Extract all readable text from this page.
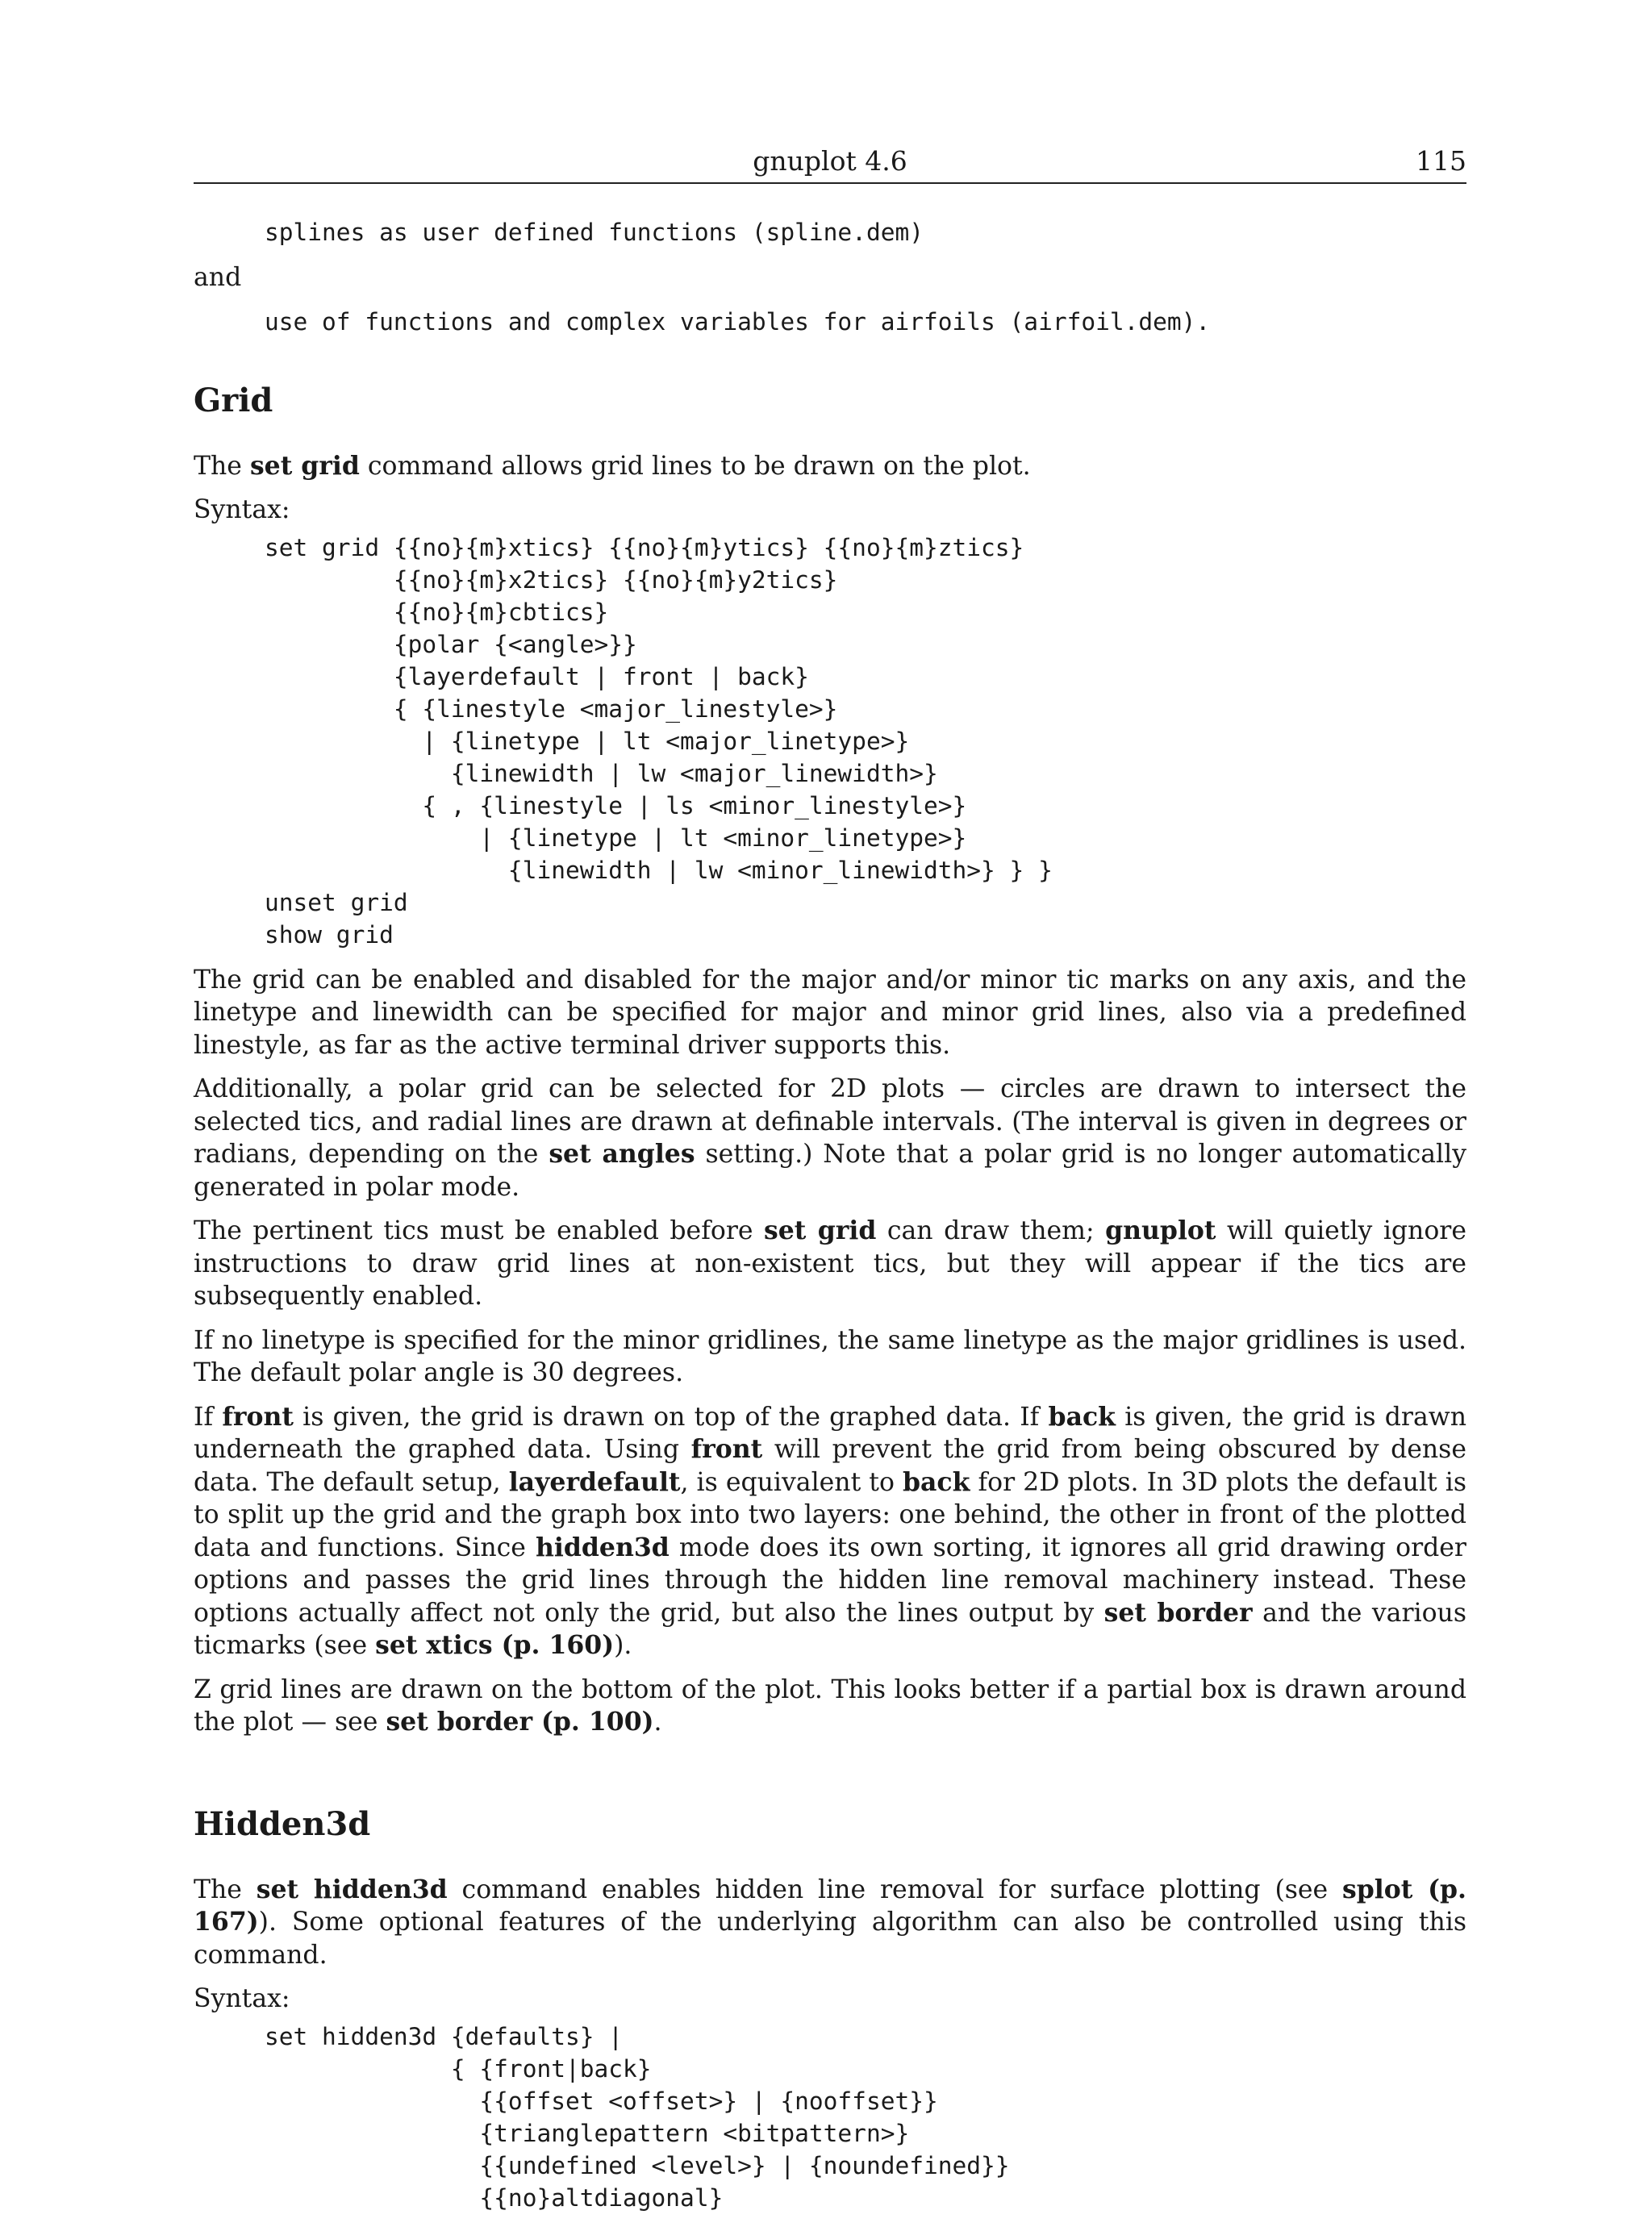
gnuplot 4.6	115
splines as user defined functions (spline.dem)

and

use of functions and complex variables for airfoils (airfoil.dem).
Grid

The set grid command allows grid lines to be drawn on the plot.

Syntax:

set grid {{no}{m}xtics} {{no}{m}ytics} {{no}{m}ztics}
{{no}{m}x2tics} {{no}{m}y2tics}
{{no}{m}cbtics}
{polar {<angle>}}
{layerdefault | front | back}
{ {linestyle <major_linestyle>}
| {linetype | lt <major_linetype>}
{linewidth | lw <major_linewidth>}
{ , {linestyle | ls <minor_linestyle>}
| {linetype | lt <minor_linetype>}
{linewidth | lw <minor_linewidth>} } }
unset grid
show grid

The grid can be enabled and disabled for the major and/or minor tic marks on any axis, and the linetype and linewidth can be specified for major and minor grid lines, also via a predefined linestyle, as far as the active terminal driver supports this.

Additionally, a polar grid can be selected for 2D plots — circles are drawn to intersect the selected tics, and radial lines are drawn at definable intervals. (The interval is given in degrees or radians, depending on the set angles setting.) Note that a polar grid is no longer automatically generated in polar mode.

The pertinent tics must be enabled before set grid can draw them; gnuplot will quietly ignore instructions to draw grid lines at non-existent tics, but they will appear if the tics are subsequently enabled.

If no linetype is specified for the minor gridlines, the same linetype as the major gridlines is used. The default polar angle is 30 degrees.

If front is given, the grid is drawn on top of the graphed data. If back is given, the grid is drawn underneath the graphed data. Using front will prevent the grid from being obscured by dense data. The default setup, layerdefault, is equivalent to back for 2D plots. In 3D plots the default is to split up the grid and the graph box into two layers: one behind, the other in front of the plotted data and functions. Since hidden3d mode does its own sorting, it ignores all grid drawing order options and passes the grid lines through the hidden line removal machinery instead. These options actually affect not only the grid, but also the lines output by set border and the various ticmarks (see set xtics (p. 160)).

Z grid lines are drawn on the bottom of the plot. This looks better if a partial box is drawn around the plot — see set border (p. 100).

Hidden3d

The set hidden3d command enables hidden line removal for surface plotting (see splot (p. 167)). Some optional features of the underlying algorithm can also be controlled using this command.

Syntax:

set hidden3d {defaults} |
{ {front|back}
{{offset <offset>} | {nooffset}}
{trianglepattern <bitpattern>}
{{undefined <level>} | {noundefined}}
{{no}altdiagonal}
